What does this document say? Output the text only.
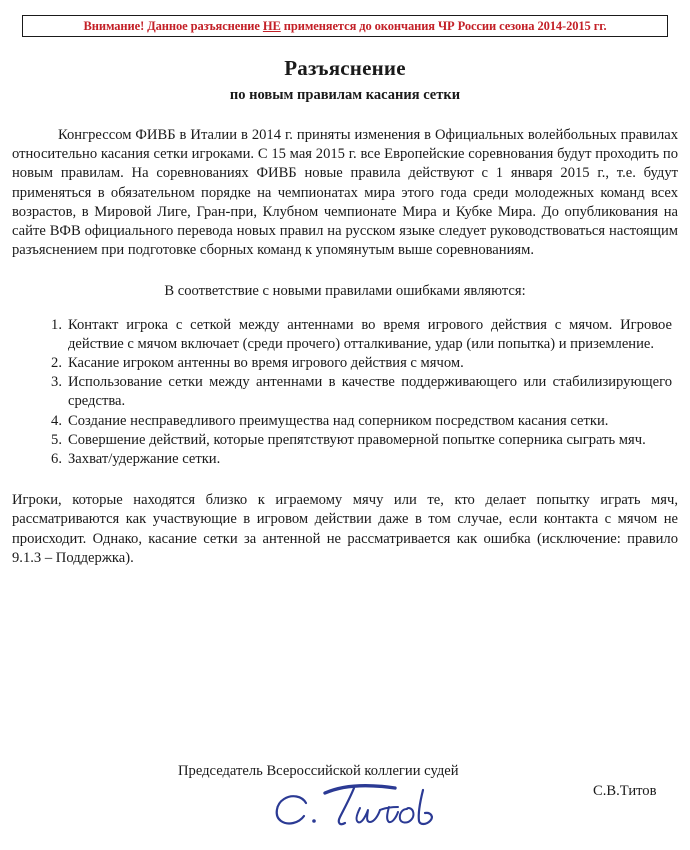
Внимание! Данное разъяснение НЕ применяется до окончания ЧР России сезона 2014-2015 гг.
Разъяснение
по новым правилам касания сетки

Конгрессом ФИВБ в Италии в 2014 г. приняты изменения в Официальных волейбольных правилах относительно касания сетки игроками. С 15 мая 2015 г. все Европейские соревнования будут проходить по новым правилам. На соревнованиях ФИВБ новые правила действуют с 1 января 2015 г., т.е. будут применяться в обязательном порядке на чемпионатах мира этого года среди молодежных команд всех возрастов, в Мировой Лиге, Гран-при, Клубном чемпионате Мира и Кубке Мира. До опубликования на сайте ВФВ официального перевода новых правил на русском языке следует руководствоваться настоящим разъяснением при подготовке сборных команд к упомянутым выше соревнованиям.

В соответствие с новыми правилами ошибками являются:

Контакт игрока с сеткой между антеннами во время игрового действия с мячом. Игровое действие с мячом включает (среди прочего) отталкивание, удар (или попытка) и приземление.
Касание игроком антенны во время игрового действия с мячом.
Использование сетки между антеннами в качестве поддерживающего или стабилизирующего средства.
Создание несправедливого преимущества над соперником посредством касания сетки.
Совершение действий, которые препятствуют правомерной попытке соперника сыграть мяч.
Захват/удержание сетки.

Игроки, которые находятся близко к играемому мячу или те, кто делает попытку играть мяч, рассматриваются как участвующие в игровом действии даже в том случае, если контакта с мячом не происходит. Однако, касание сетки за антенной не рассматривается как ошибка (исключение: правило 9.1.3 – Поддержка).

Председатель Всероссийской коллегии судей
С.В.Титов
